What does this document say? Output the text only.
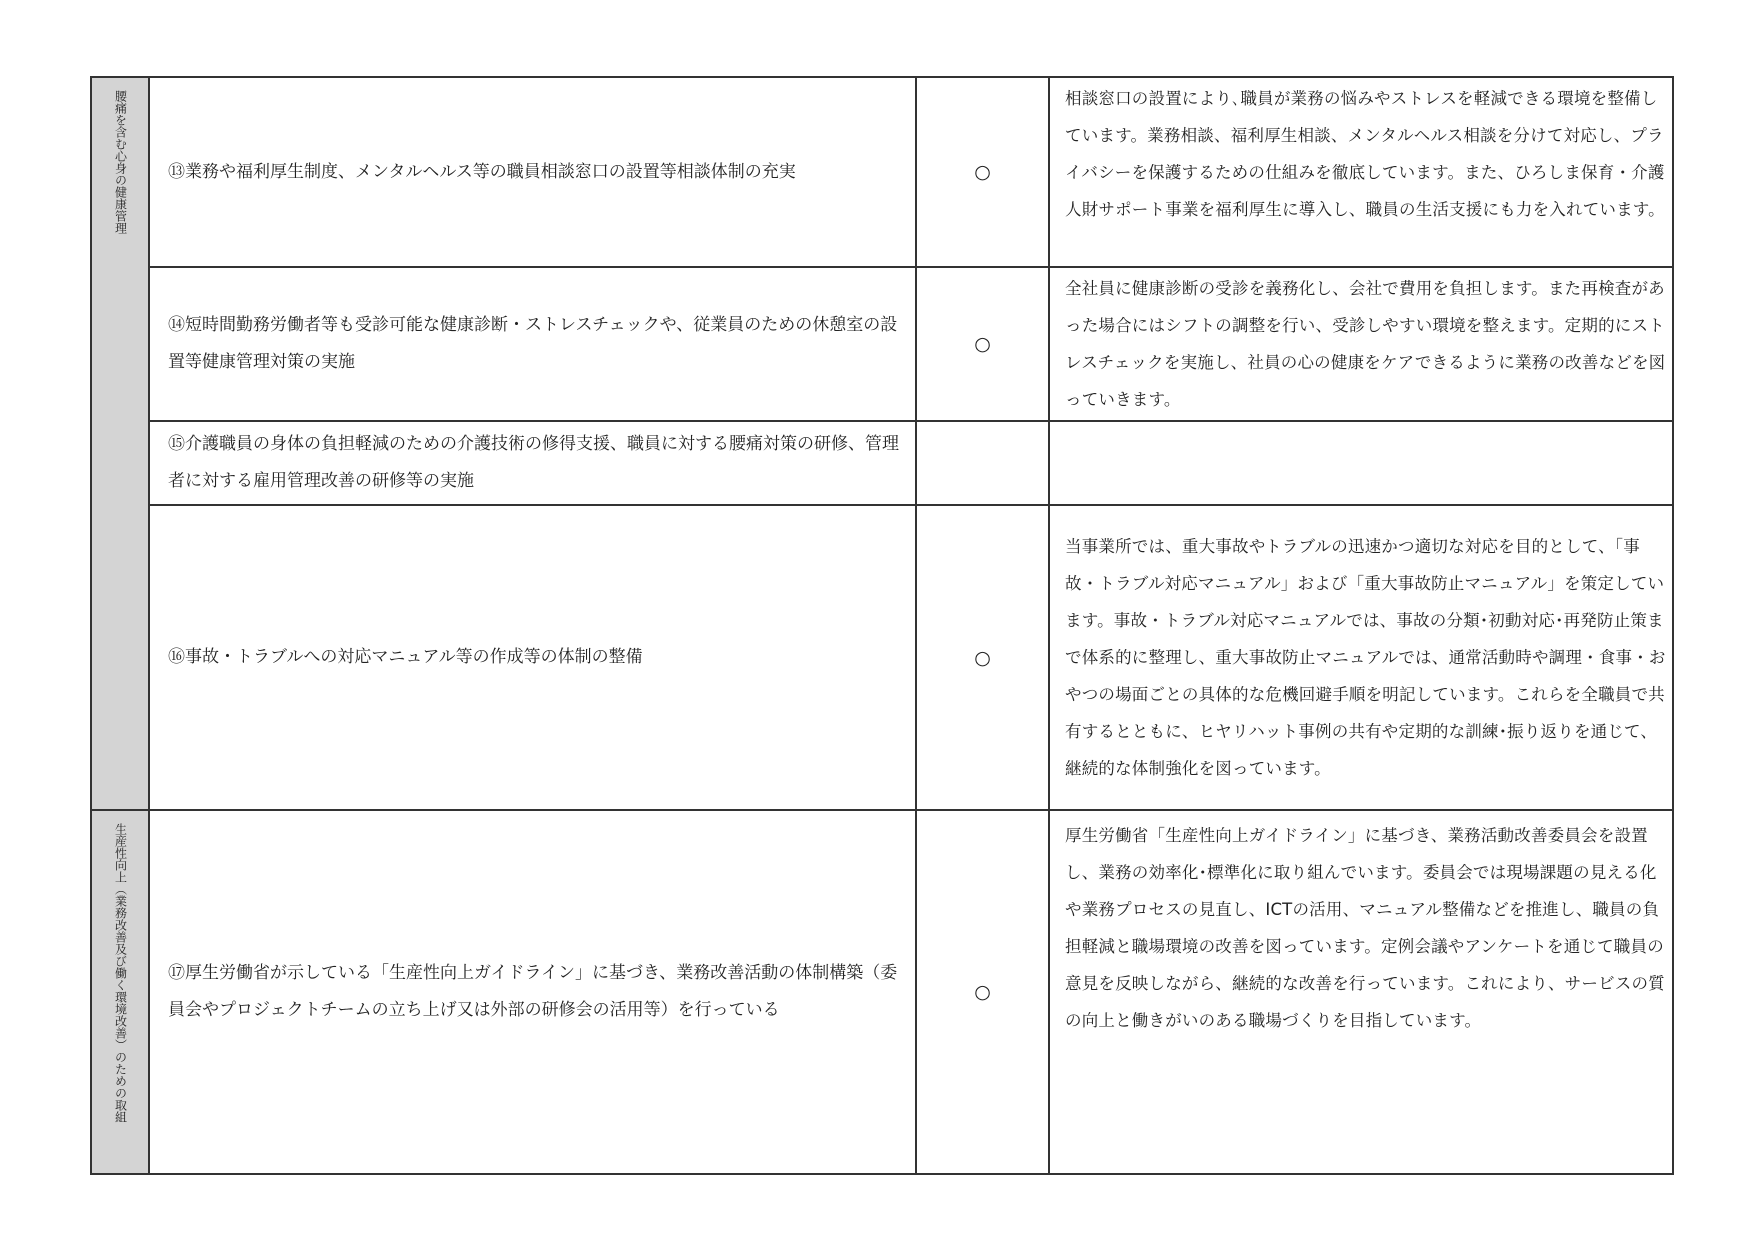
腰痛を含む心身の健康管理	⑬業務や福利厚生制度、メンタルヘルス等の職員相談窓口の設置等相談体制の充実	○	相談窓口の設置により､職員が業務の悩みやストレスを軽減できる環境を整備しています。業務相談、福利厚生相談、メンタルヘルス相談を分けて対応し、プライバシーを保護するための仕組みを徹底しています。また、ひろしま保育・介護人財サポート事業を福利厚生に導入し、職員の生活支援にも力を入れています。
	⑭短時間勤務労働者等も受診可能な健康診断・ストレスチェックや、従業員のための休憩室の設置等健康管理対策の実施	○	全社員に健康診断の受診を義務化し、会社で費用を負担します。また再検査があった場合にはシフトの調整を行い、受診しやすい環境を整えます。定期的にストレスチェックを実施し、社員の心の健康をケアできるように業務の改善などを図っていきます。
	⑮介護職員の身体の負担軽減のための介護技術の修得支援、職員に対する腰痛対策の研修、管理者に対する雇用管理改善の研修等の実施		
	⑯事故・トラブルへの対応マニュアル等の作成等の体制の整備	○	当事業所では、重大事故やトラブルの迅速かつ適切な対応を目的として、「事故・トラブル対応マニュアル」および「重大事故防止マニュアル」を策定しています。事故・トラブル対応マニュアルでは、事故の分類･初動対応･再発防止策まで体系的に整理し、重大事故防止マニュアルでは、通常活動時や調理・食事・おやつの場面ごとの具体的な危機回避手順を明記しています。これらを全職員で共有するとともに、ヒヤリハット事例の共有や定期的な訓練･振り返りを通じて、継続的な体制強化を図っています。
生産性向上（業務改善及び働く環境改善）のための取組	⑰厚生労働省が示している「生産性向上ガイドライン」に基づき、業務改善活動の体制構築（委員会やプロジェクトチームの立ち上げ又は外部の研修会の活用等）を行っている	○	厚生労働省「生産性向上ガイドライン」に基づき、業務活動改善委員会を設置し、業務の効率化･標準化に取り組んでいます。委員会では現場課題の見える化や業務プロセスの見直し、ICTの活用、マニュアル整備などを推進し、職員の負担軽減と職場環境の改善を図っています。定例会議やアンケートを通じて職員の意見を反映しながら、継続的な改善を行っています。これにより、サービスの質の向上と働きがいのある職場づくりを目指しています。
